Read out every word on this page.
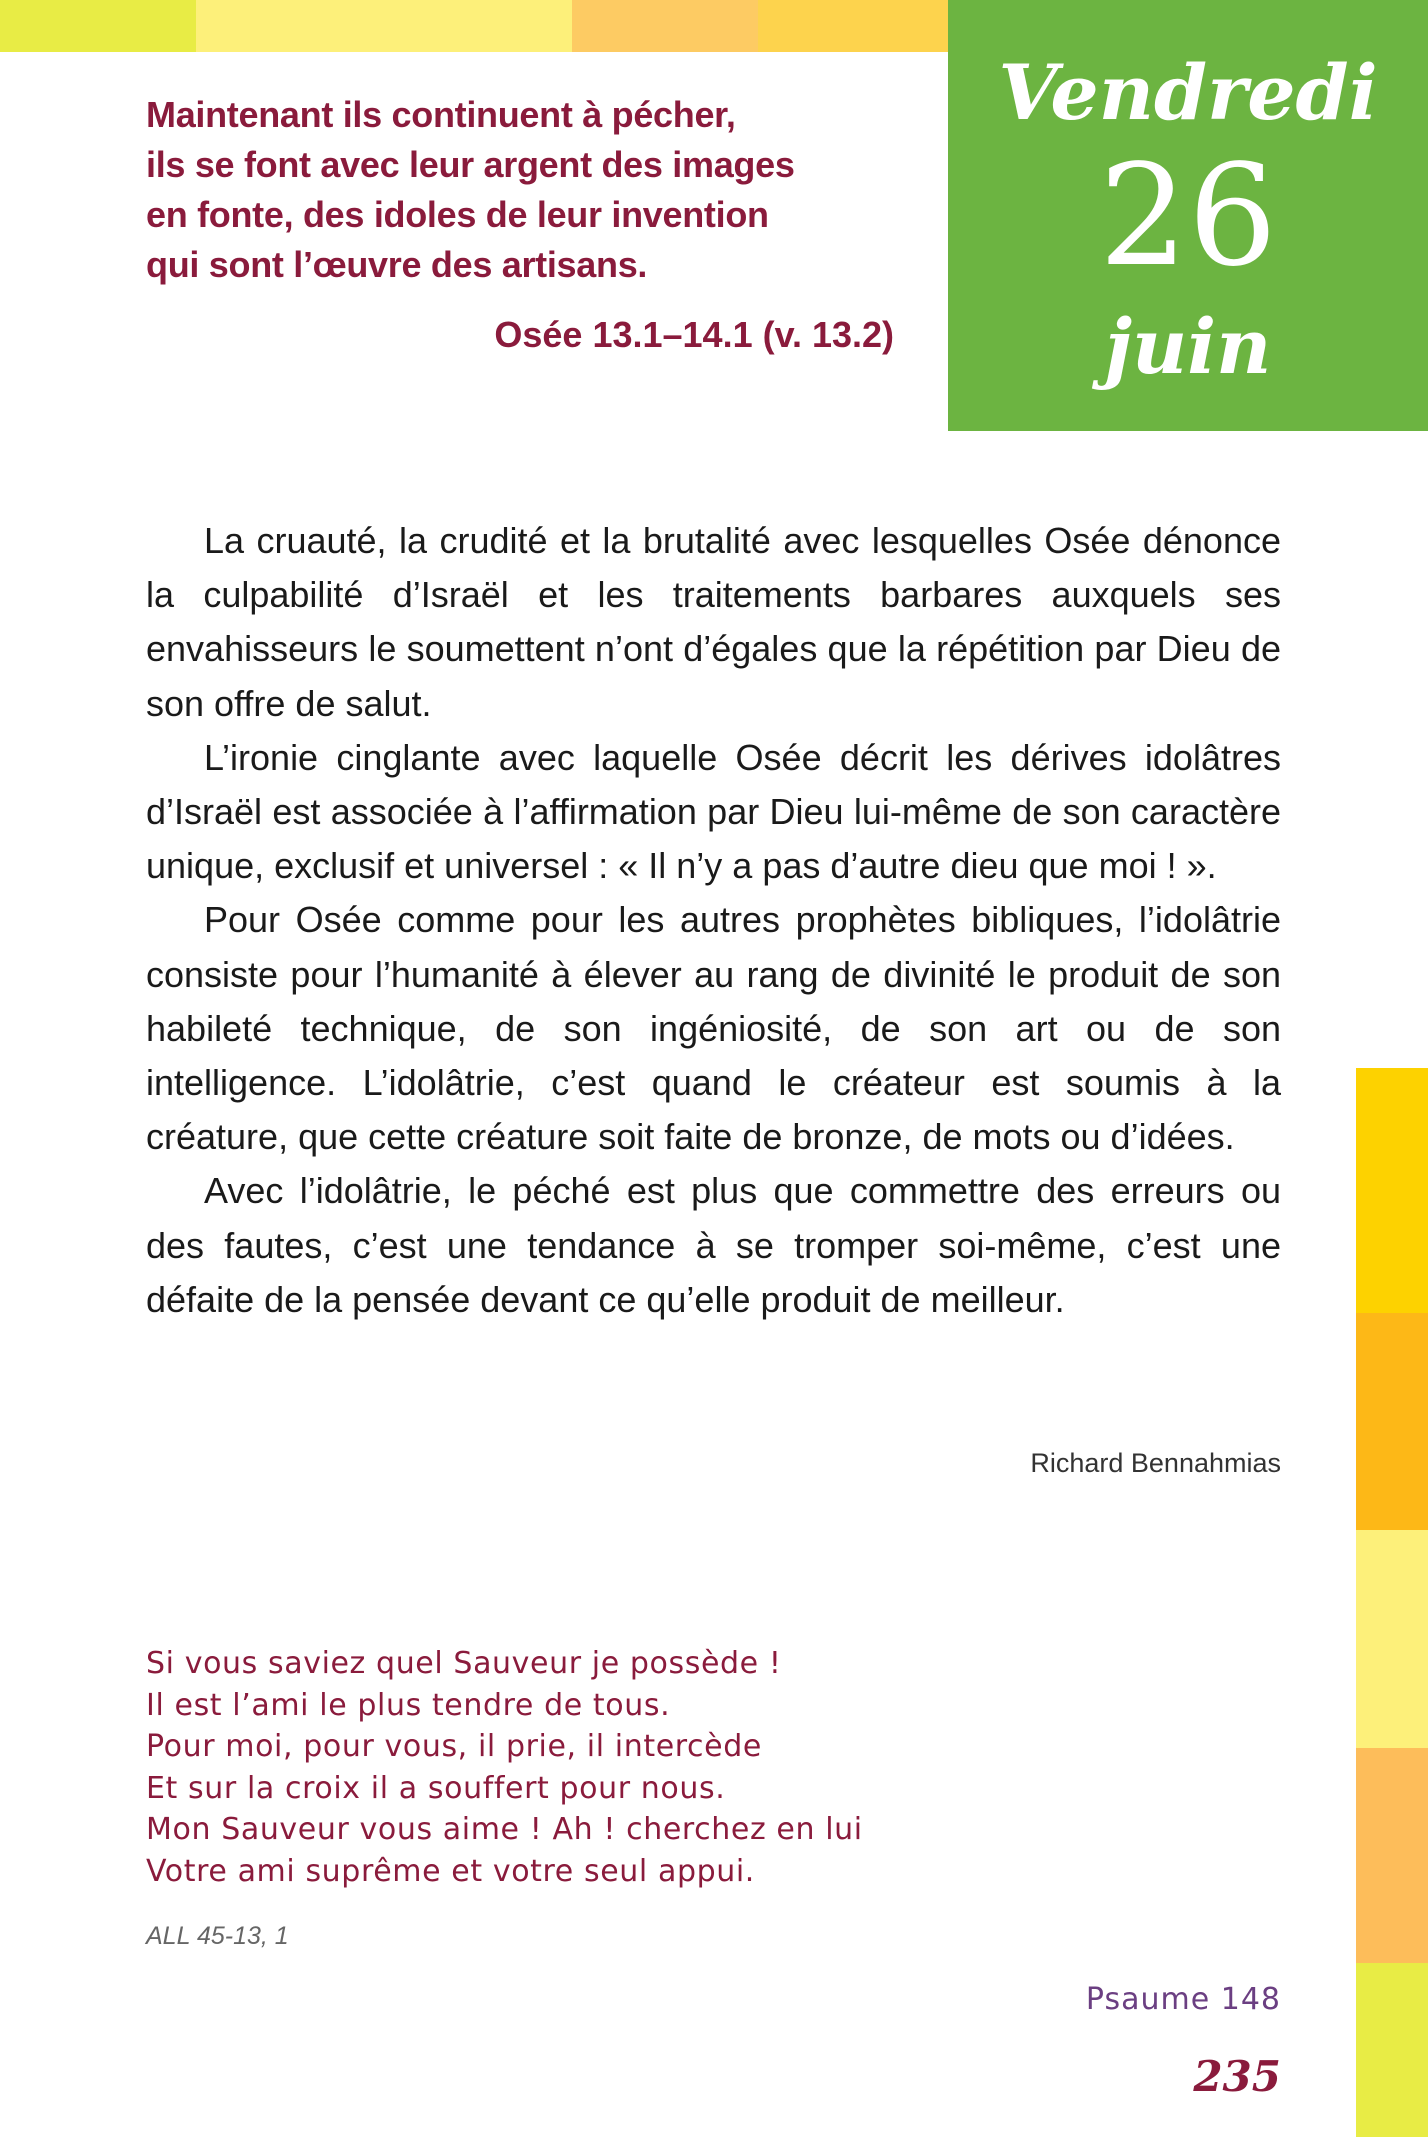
Vendredi
26
juin
Maintenant ils continuent à pécher,
ils se font avec leur argent des images
en fonte, des idoles de leur invention
qui sont l’œuvre des artisans.
Osée 13.1–14.1 (v. 13.2)

La cruauté, la crudité et la brutalité avec lesquelles Osée dénonce la culpabilité d’Israël et les traitements barbares auxquels ses envahisseurs le soumettent n’ont d’égales que la répétition par Dieu de son offre de salut.

L’ironie cinglante avec laquelle Osée décrit les dérives idolâtres d’Israël est associée à l’affirmation par Dieu lui-même de son caractère unique, exclusif et universel : « Il n’y a pas d’autre dieu que moi ! ».

Pour Osée comme pour les autres prophètes bibliques, l’idolâtrie consiste pour l’humanité à élever au rang de divinité le produit de son habileté technique, de son ingéniosité, de son art ou de son intelligence. L’idolâtrie, c’est quand le créateur est soumis à la créature, que cette créature soit faite de bronze, de mots ou d’idées.

Avec l’idolâtrie, le péché est plus que commettre des erreurs ou des fautes, c’est une tendance à se tromper soi-même, c’est une défaite de la pensée devant ce qu’elle produit de meilleur.

Richard Bennahmias
Si vous saviez quel Sauveur je possède !
Il est l’ami le plus tendre de tous.
Pour moi, pour vous, il prie, il intercède
Et sur la croix il a souffert pour nous.
Mon Sauveur vous aime ! Ah ! cherchez en lui
Votre ami suprême et votre seul appui.
ALL 45-13, 1
Psaume 148
235
